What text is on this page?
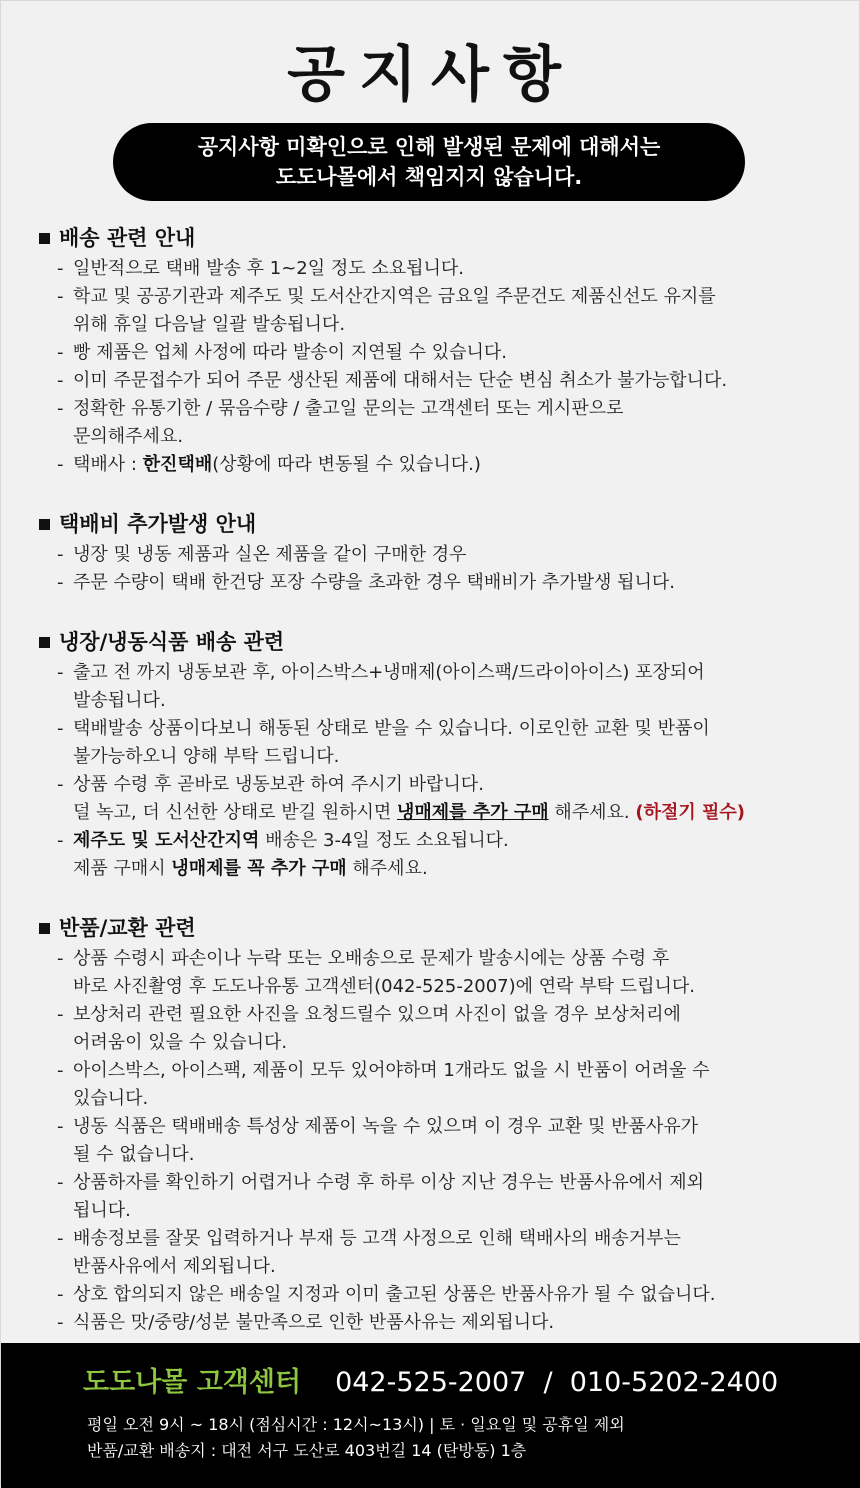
공지사항
공지사항 미확인으로 인해 발생된 문제에 대해서는
도도나몰에서 책임지지 않습니다.
배송 관련 안내
- 일반적으로 택배 발송 후 1~2일 정도 소요됩니다.
- 학교 및 공공기관과 제주도 및 도서산간지역은 금요일 주문건도 제품신선도 유지를
위해 휴일 다음날 일괄 발송됩니다.
- 빵 제품은 업체 사정에 따라 발송이 지연될 수 있습니다.
- 이미 주문접수가 되어 주문 생산된 제품에 대해서는 단순 변심 취소가 불가능합니다.
- 정확한 유통기한 / 묶음수량 / 출고일 문의는 고객센터 또는 게시판으로
문의해주세요.
- 택배사 : 한진택배(상황에 따라 변동될 수 있습니다.)
택배비 추가발생 안내
- 냉장 및 냉동 제품과 실온 제품을 같이 구매한 경우
- 주문 수량이 택배 한건당 포장 수량을 초과한 경우 택배비가 추가발생 됩니다.
냉장/냉동식품 배송 관련
- 출고 전 까지 냉동보관 후, 아이스박스+냉매제(아이스팩/드라이아이스) 포장되어
발송됩니다.
- 택배발송 상품이다보니 해동된 상태로 받을 수 있습니다. 이로인한 교환 및 반품이
불가능하오니 양해 부탁 드립니다.
- 상품 수령 후 곧바로 냉동보관 하여 주시기 바랍니다.
덜 녹고, 더 신선한 상태로 받길 원하시면 냉매제를 추가 구매 해주세요. (하절기 필수)
- 제주도 및 도서산간지역 배송은 3-4일 정도 소요됩니다.
제품 구매시 냉매제를 꼭 추가 구매 해주세요.
반품/교환 관련
- 상품 수령시 파손이나 누락 또는 오배송으로 문제가 발송시에는 상품 수령 후
바로 사진촬영 후 도도나유통 고객센터(042-525-2007)에 연락 부탁 드립니다.
- 보상처리 관련 필요한 사진을 요청드릴수 있으며 사진이 없을 경우 보상처리에
어려움이 있을 수 있습니다.
- 아이스박스, 아이스팩, 제품이 모두 있어야하며 1개라도 없을 시 반품이 어려울 수
있습니다.
- 냉동 식품은 택배배송 특성상 제품이 녹을 수 있으며 이 경우 교환 및 반품사유가
될 수 없습니다.
- 상품하자를 확인하기 어렵거나 수령 후 하루 이상 지난 경우는 반품사유에서 제외
됩니다.
- 배송정보를 잘못 입력하거나 부재 등 고객 사정으로 인해 택배사의 배송거부는
반품사유에서 제외됩니다.
- 상호 합의되지 않은 배송일 지정과 이미 출고된 상품은 반품사유가 될 수 없습니다.
- 식품은 맛/중량/성분 불만족으로 인한 반품사유는 제외됩니다.
도도나몰 고객센터 042-525-2007  /  010-5202-2400
평일 오전 9시 ~ 18시 (점심시간 : 12시~13시) | 토 · 일요일 및 공휴일 제외
반품/교환 배송지 : 대전 서구 도산로 403번길 14 (탄방동) 1층
